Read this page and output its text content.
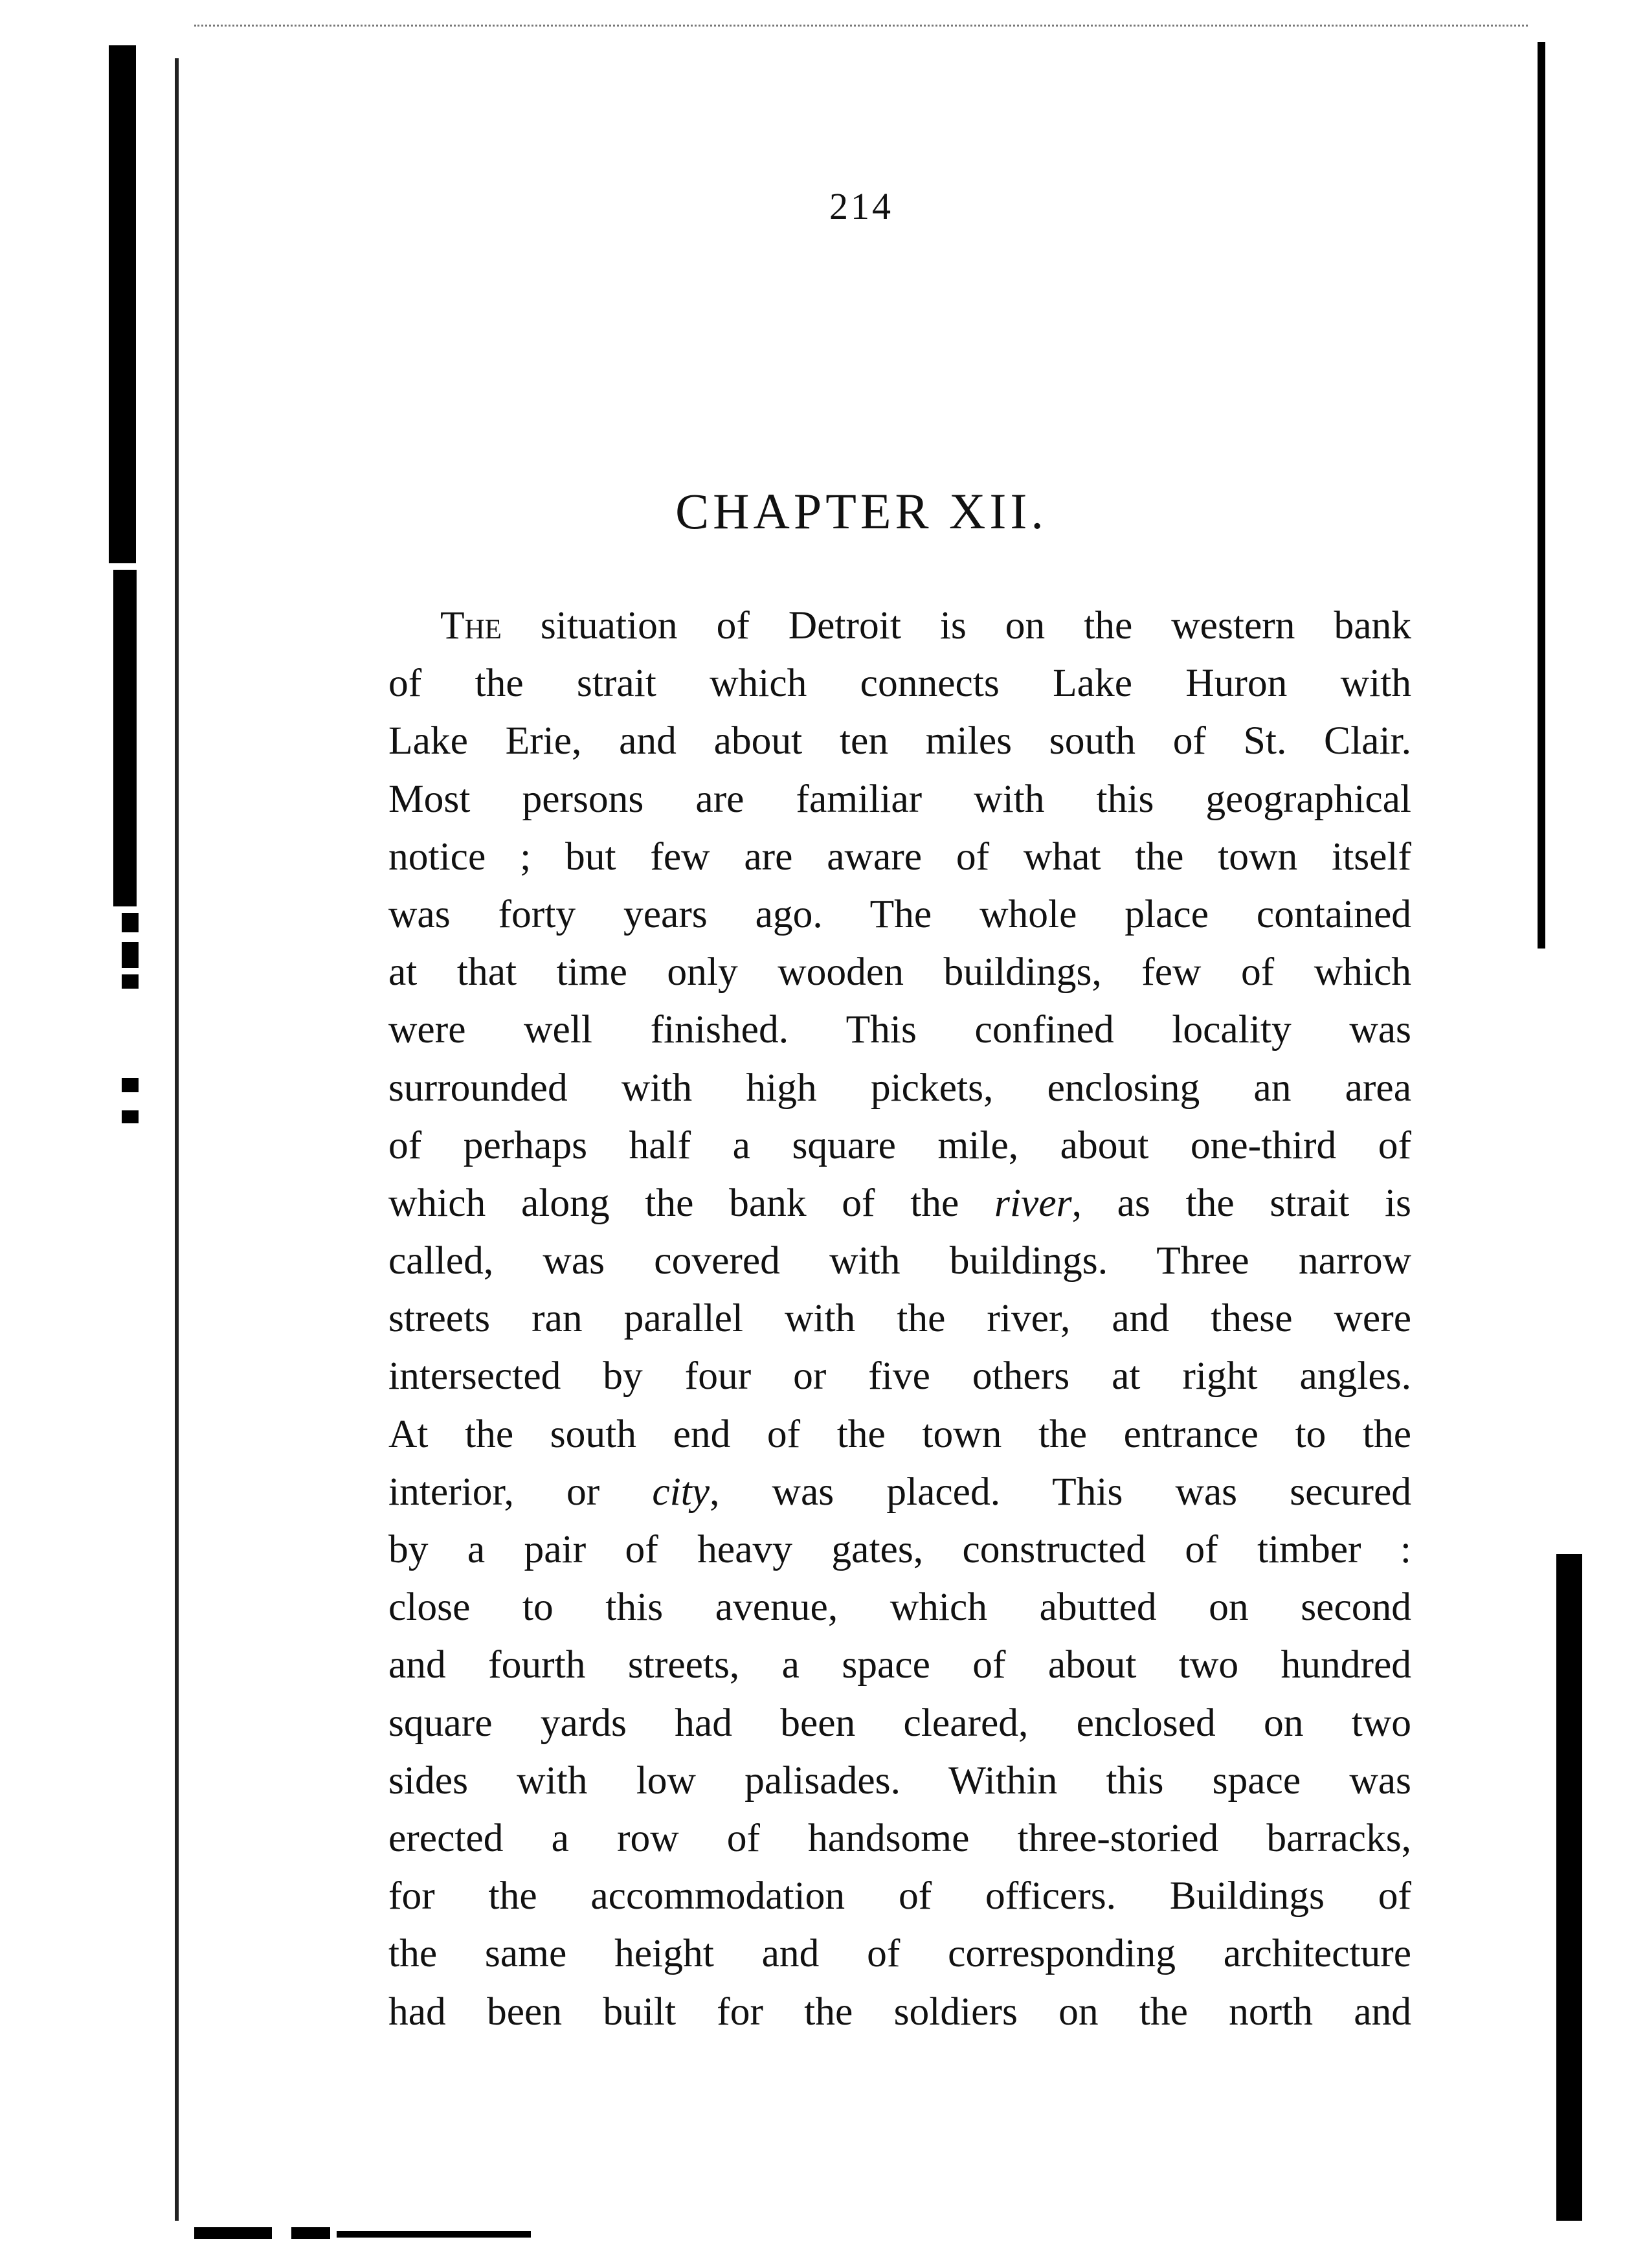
214
CHAPTER XII.
The situation of Detroit is on the western bank
of the strait which connects Lake Huron with
Lake Erie, and about ten miles south of St. Clair.
Most persons are familiar with this geographical
notice ; but few are aware of what the town itself
was forty years ago. The whole place contained
at that time only wooden buildings, few of which
were well finished. This confined locality was
surrounded with high pickets, enclosing an area
of perhaps half a square mile, about one-third of
which along the bank of the river, as the strait is
called, was covered with buildings. Three narrow
streets ran parallel with the river, and these were
intersected by four or five others at right angles.
At the south end of the town the entrance to the
interior, or city, was placed. This was secured
by a pair of heavy gates, constructed of timber :
close to this avenue, which abutted on second
and fourth streets, a space of about two hundred
square yards had been cleared, enclosed on two
sides with low palisades. Within this space was
erected a row of handsome three-storied barracks,
for the accommodation of officers. Buildings of
the same height and of corresponding architecture
had been built for the soldiers on the north and
